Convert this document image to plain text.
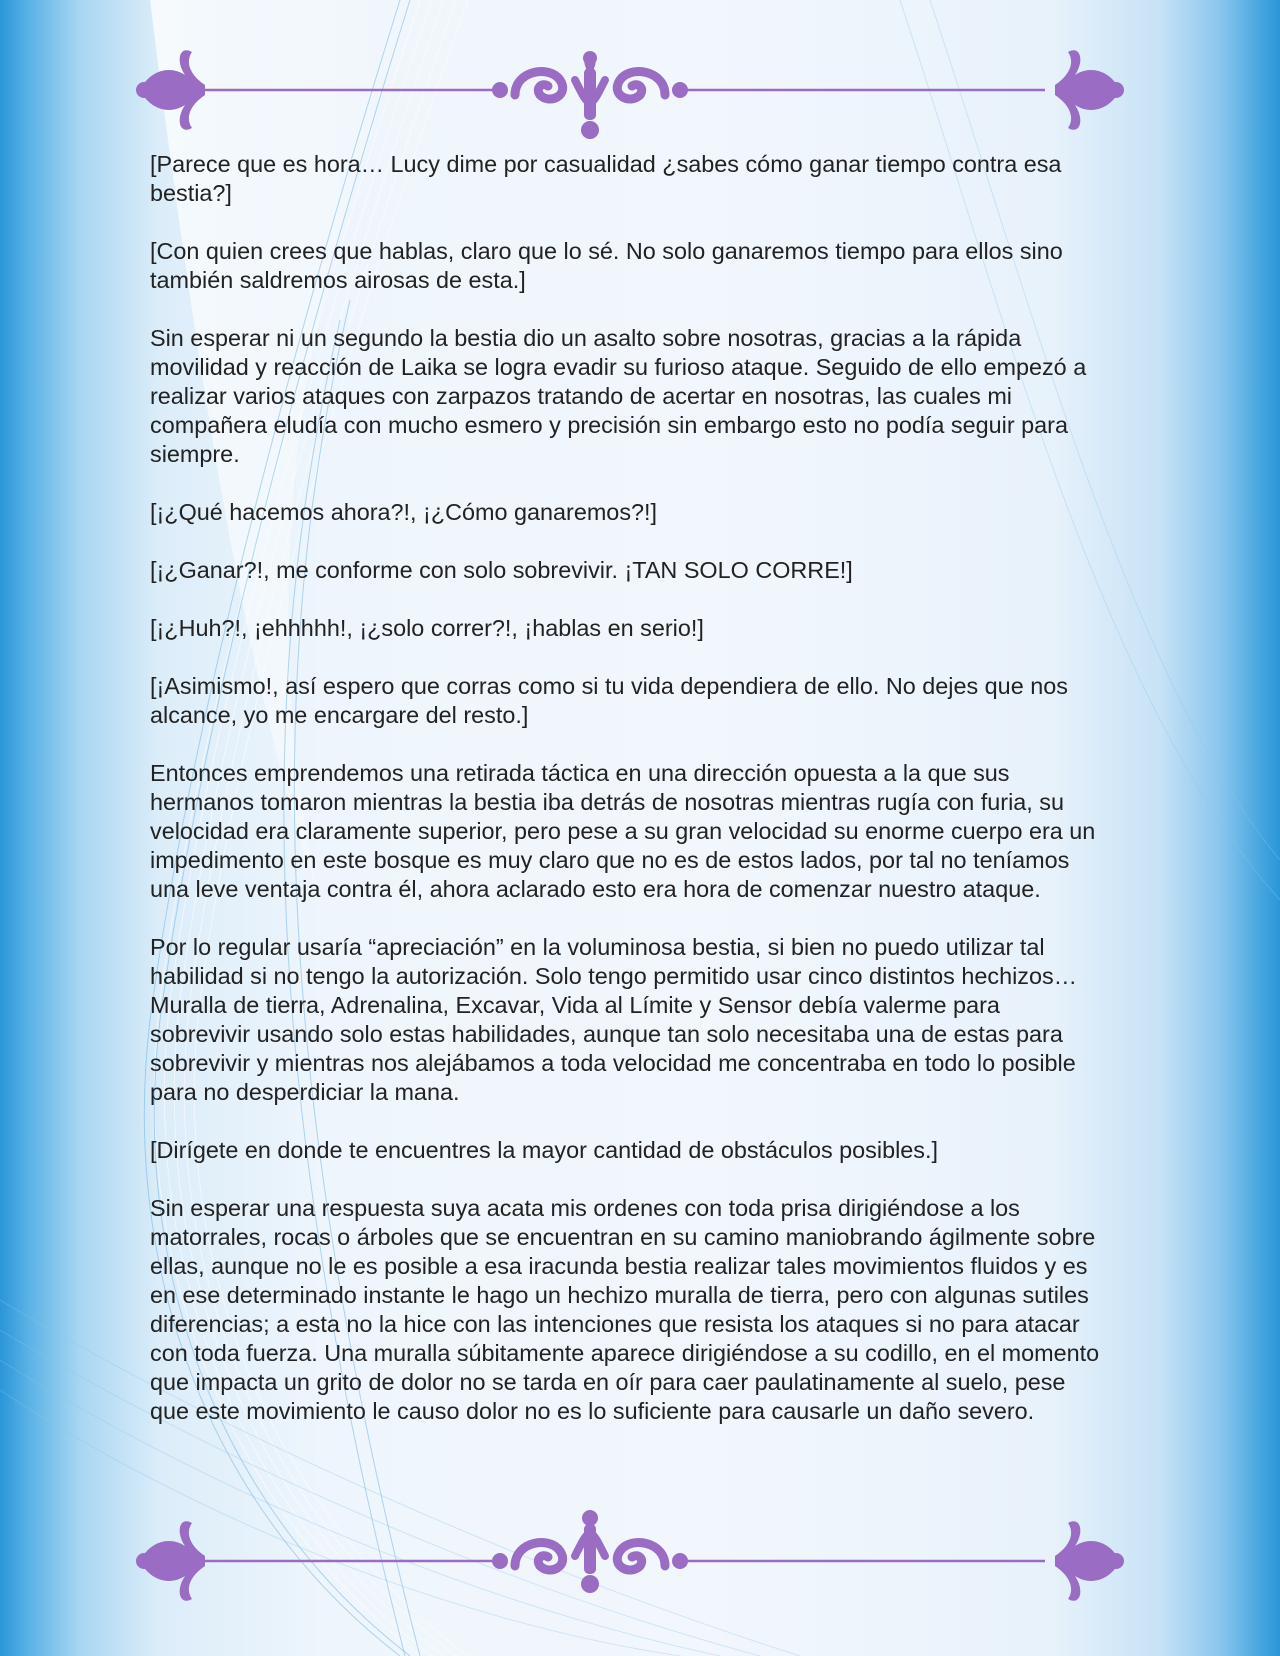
[Parece que es hora… Lucy dime por casualidad ¿sabes cómo ganar tiempo contra esa bestia?]

[Con quien crees que hablas, claro que lo sé. No solo ganaremos tiempo para ellos sino también saldremos airosas de esta.]

Sin esperar ni un segundo la bestia dio un asalto sobre nosotras, gracias a la rápida movilidad y reacción de Laika se logra evadir su furioso ataque. Seguido de ello empezó a realizar varios ataques con zarpazos tratando de acertar en nosotras, las cuales mi compañera eludía con mucho esmero y precisión sin embargo esto no podía seguir para siempre.

[¡¿Qué hacemos ahora?!, ¡¿Cómo ganaremos?!]

[¡¿Ganar?!, me conforme con solo sobrevivir. ¡TAN SOLO CORRE!]

[¡¿Huh?!, ¡ehhhhh!, ¡¿solo correr?!, ¡hablas en serio!]

[¡Asimismo!, así espero que corras como si tu vida dependiera de ello. No dejes que nos alcance, yo me encargare del resto.]

Entonces emprendemos una retirada táctica en una dirección opuesta a la que sus hermanos tomaron mientras la bestia iba detrás de nosotras mientras rugía con furia, su velocidad era claramente superior, pero pese a su gran velocidad su enorme cuerpo era un impedimento en este bosque es muy claro que no es de estos lados, por tal no teníamos una leve ventaja contra él, ahora aclarado esto era hora de comenzar nuestro ataque.

Por lo regular usaría “apreciación” en la voluminosa bestia, si bien no puedo utilizar tal habilidad si no tengo la autorización. Solo tengo permitido usar cinco distintos hechizos… Muralla de tierra, Adrenalina, Excavar, Vida al Límite y Sensor debía valerme para sobrevivir usando solo estas habilidades, aunque tan solo necesitaba una de estas para sobrevivir y mientras nos alejábamos a toda velocidad me concentraba en todo lo posible para no desperdiciar la mana.

[Dirígete en donde te encuentres la mayor cantidad de obstáculos posibles.]

Sin esperar una respuesta suya acata mis ordenes con toda prisa dirigiéndose a los matorrales, rocas o árboles que se encuentran en su camino maniobrando ágilmente sobre ellas, aunque no le es posible a esa iracunda bestia realizar tales movimientos fluidos y es en ese determinado instante le hago un hechizo muralla de tierra, pero con algunas sutiles diferencias; a esta no la hice con las intenciones que resista los ataques si no para atacar con toda fuerza. Una muralla súbitamente aparece dirigiéndose a su codillo, en el momento que impacta un grito de dolor no se tarda en oír para caer paulatinamente al suelo, pese que este movimiento le causo dolor no es lo suficiente para causarle un daño severo.
